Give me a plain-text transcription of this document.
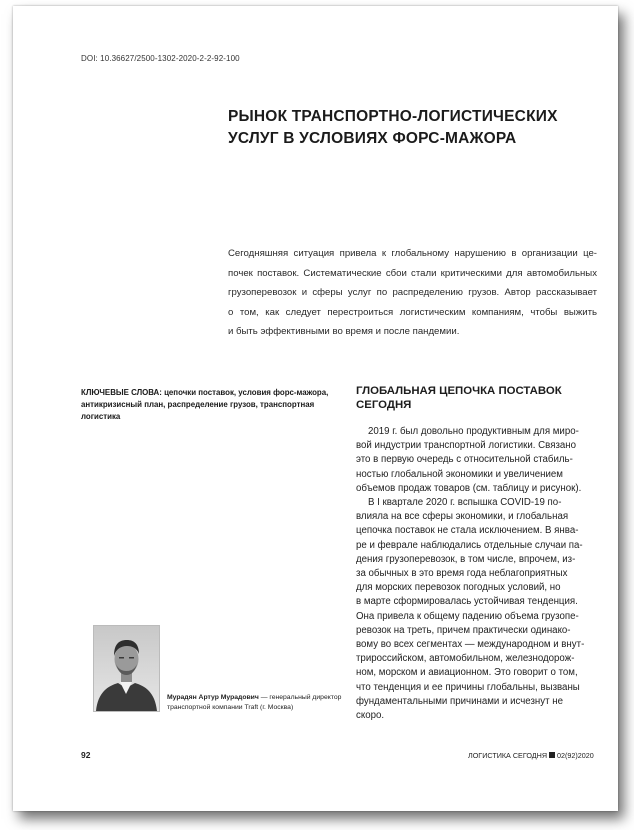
DOI: 10.36627/2500-1302-2020-2-2-92-100
РЫНОК ТРАНСПОРТНО-ЛОГИСТИЧЕСКИХ
УСЛУГ В УСЛОВИЯХ ФОРС-МАЖОРА
Сегодняшняя ситуация привела к глобальному нарушению в организации це-
почек поставок. Систематические сбои стали критическими для автомобильных
грузоперевозок и сферы услуг по распределению грузов. Автор рассказывает
о том, как следует перестроиться логистическим компаниям, чтобы выжить
и быть эффективными во время и после пандемии.
КЛЮЧЕВЫЕ СЛОВА: цепочки поставок, условия форс-мажора,
антикризисный план, распределение грузов, транспортная
логистика
ГЛОБАЛЬНАЯ ЦЕПОЧКА ПОСТАВОК
СЕГОДНЯ
2019 г. был довольно продуктивным для миро-
вой индустрии транспортной логистики. Связано
это в первую очередь с относительной стабиль-
ностью глобальной экономики и увеличением
объемов продаж товаров (см. таблицу и рисунок).
В I квартале 2020 г. вспышка COVID-19 по-
влияла на все сферы экономики, и глобальная
цепочка поставок не стала исключением. В янва-
ре и феврале наблюдались отдельные случаи па-
дения грузоперевозок, в том числе, впрочем, из-
за обычных в это время года неблагоприятных
для морских перевозок погодных условий, но
в марте сформировалась устойчивая тенденция.
Она привела к общему падению объема грузопе-
ревозок на треть, причем практически одинако-
вому во всех сегментах — международном и внут-
трироссийском, автомобильном, железнодорож-
ном, морском и авиационном. Это говорит о том,
что тенденция и ее причины глобальны, вызваны
фундаментальными причинами и исчезнут не
скоро.
Мурадян Артур Мурадович — генеральный директор
транспортной компании Traft (г. Москва)
92	ЛОГИСТИКА СЕГОДНЯ 02(92)2020
